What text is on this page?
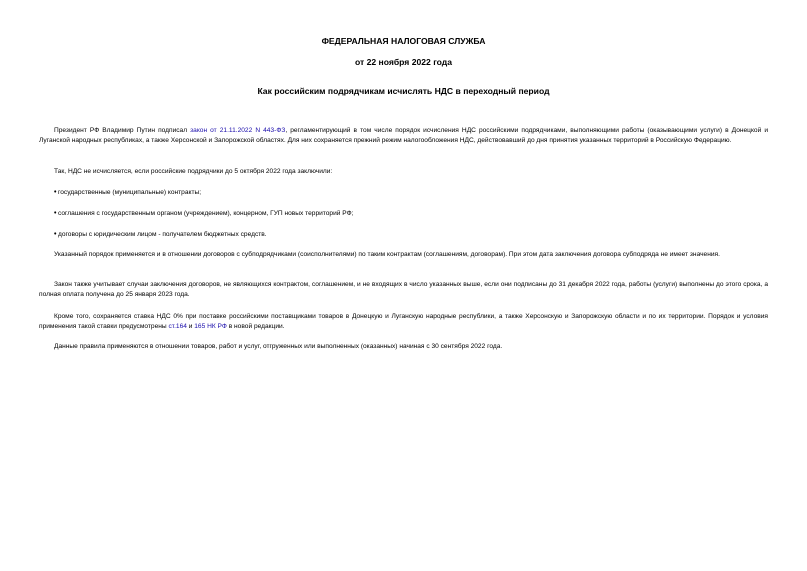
ФЕДЕРАЛЬНАЯ НАЛОГОВАЯ СЛУЖБА
от 22 ноября 2022 года
Как российским подрядчикам исчислять НДС в переходный период

Президент РФ Владимир Путин подписал закон от 21.11.2022 N 443-ФЗ, регламентирующий в том числе порядок исчисления НДС российскими подрядчиками, выполняющими работы (оказывающими услуги) в Донецкой и Луганской народных республиках, а также Херсонской и Запорожской областях. Для них сохраняется прежний режим налогообложения НДС, действовавший до дня принятия указанных территорий в Российскую Федерацию.

Так, НДС не исчисляется, если российские подрядчики до 5 октября 2022 года заключили:

• государственные (муниципальные) контракты;
• соглашения с государственным органом (учреждением), концерном, ГУП новых территорий РФ;
• договоры с юридическим лицом - получателем бюджетных средств.

Указанный порядок применяется и в отношении договоров с субподрядчиками (соисполнителями) по таким контрактам (соглашениям, договорам). При этом дата заключения договора субподряда не имеет значения.

Закон также учитывает случаи заключения договоров, не являющихся контрактом, соглашением, и не входящих в число указанных выше, если они подписаны до 31 декабря 2022 года, работы (услуги) выполнены до этого срока, а полная оплата получена до 25 января 2023 года.

Кроме того, сохраняется ставка НДС 0% при поставке российскими поставщиками товаров в Донецкую и Луганскую народные республики, а также Херсонскую и Запорожскую области и по их территории. Порядок и условия применения такой ставки предусмотрены ст.164 и 165 НК РФ в новой редакции.

Данные правила применяются в отношении товаров, работ и услуг, отгруженных или выполненных (оказанных) начиная с 30 сентября 2022 года.
